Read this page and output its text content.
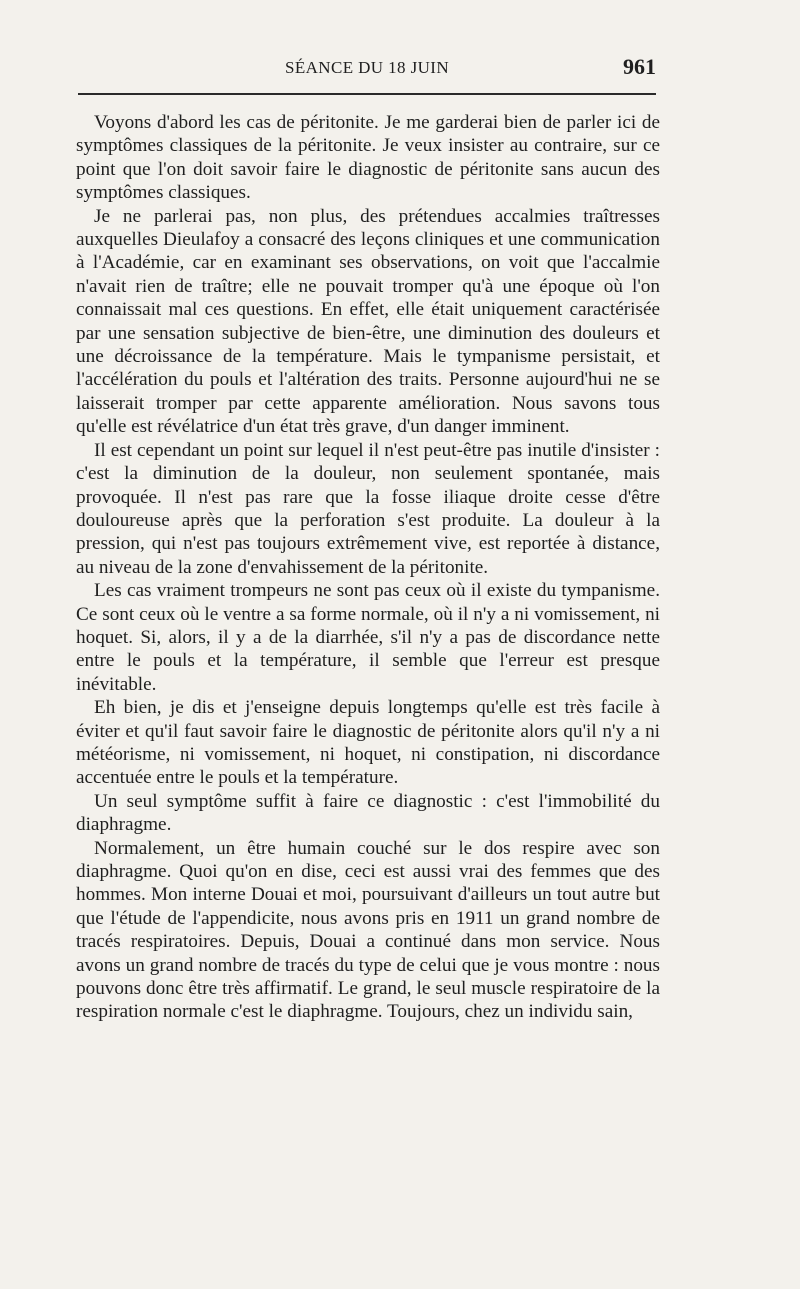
SÉANCE DU 18 JUIN	961

Voyons d'abord les cas de péritonite. Je me garderai bien de parler ici de symptômes classiques de la péritonite. Je veux insister au contraire, sur ce point que l'on doit savoir faire le diagnostic de péritonite sans aucun des symptômes classiques.

Je ne parlerai pas, non plus, des prétendues accalmies traîtresses auxquelles Dieulafoy a consacré des leçons cliniques et une communication à l'Académie, car en examinant ses observations, on voit que l'accalmie n'avait rien de traître; elle ne pouvait tromper qu'à une époque où l'on connaissait mal ces questions. En effet, elle était uniquement caractérisée par une sensation subjective de bien-être, une diminution des douleurs et une décroissance de la température. Mais le tympanisme persistait, et l'accélération du pouls et l'altération des traits. Personne aujourd'hui ne se laisserait tromper par cette apparente amélioration. Nous savons tous qu'elle est révélatrice d'un état très grave, d'un danger imminent.

Il est cependant un point sur lequel il n'est peut-être pas inutile d'insister : c'est la diminution de la douleur, non seulement spontanée, mais provoquée. Il n'est pas rare que la fosse iliaque droite cesse d'être douloureuse après que la perforation s'est produite. La douleur à la pression, qui n'est pas toujours extrêmement vive, est reportée à distance, au niveau de la zone d'envahissement de la péritonite.

Les cas vraiment trompeurs ne sont pas ceux où il existe du tympanisme. Ce sont ceux où le ventre a sa forme normale, où il n'y a ni vomissement, ni hoquet. Si, alors, il y a de la diarrhée, s'il n'y a pas de discordance nette entre le pouls et la température, il semble que l'erreur est presque inévitable.

Eh bien, je dis et j'enseigne depuis longtemps qu'elle est très facile à éviter et qu'il faut savoir faire le diagnostic de péritonite alors qu'il n'y a ni météorisme, ni vomissement, ni hoquet, ni constipation, ni discordance accentuée entre le pouls et la température.

Un seul symptôme suffit à faire ce diagnostic : c'est l'immobilité du diaphragme.

Normalement, un être humain couché sur le dos respire avec son diaphragme. Quoi qu'on en dise, ceci est aussi vrai des femmes que des hommes. Mon interne Douai et moi, poursuivant d'ailleurs un tout autre but que l'étude de l'appendicite, nous avons pris en 1911 un grand nombre de tracés respiratoires. Depuis, Douai a continué dans mon service. Nous avons un grand nombre de tracés du type de celui que je vous montre : nous pouvons donc être très affirmatif. Le grand, le seul muscle respiratoire de la respiration normale c'est le diaphragme. Toujours, chez un individu sain,
